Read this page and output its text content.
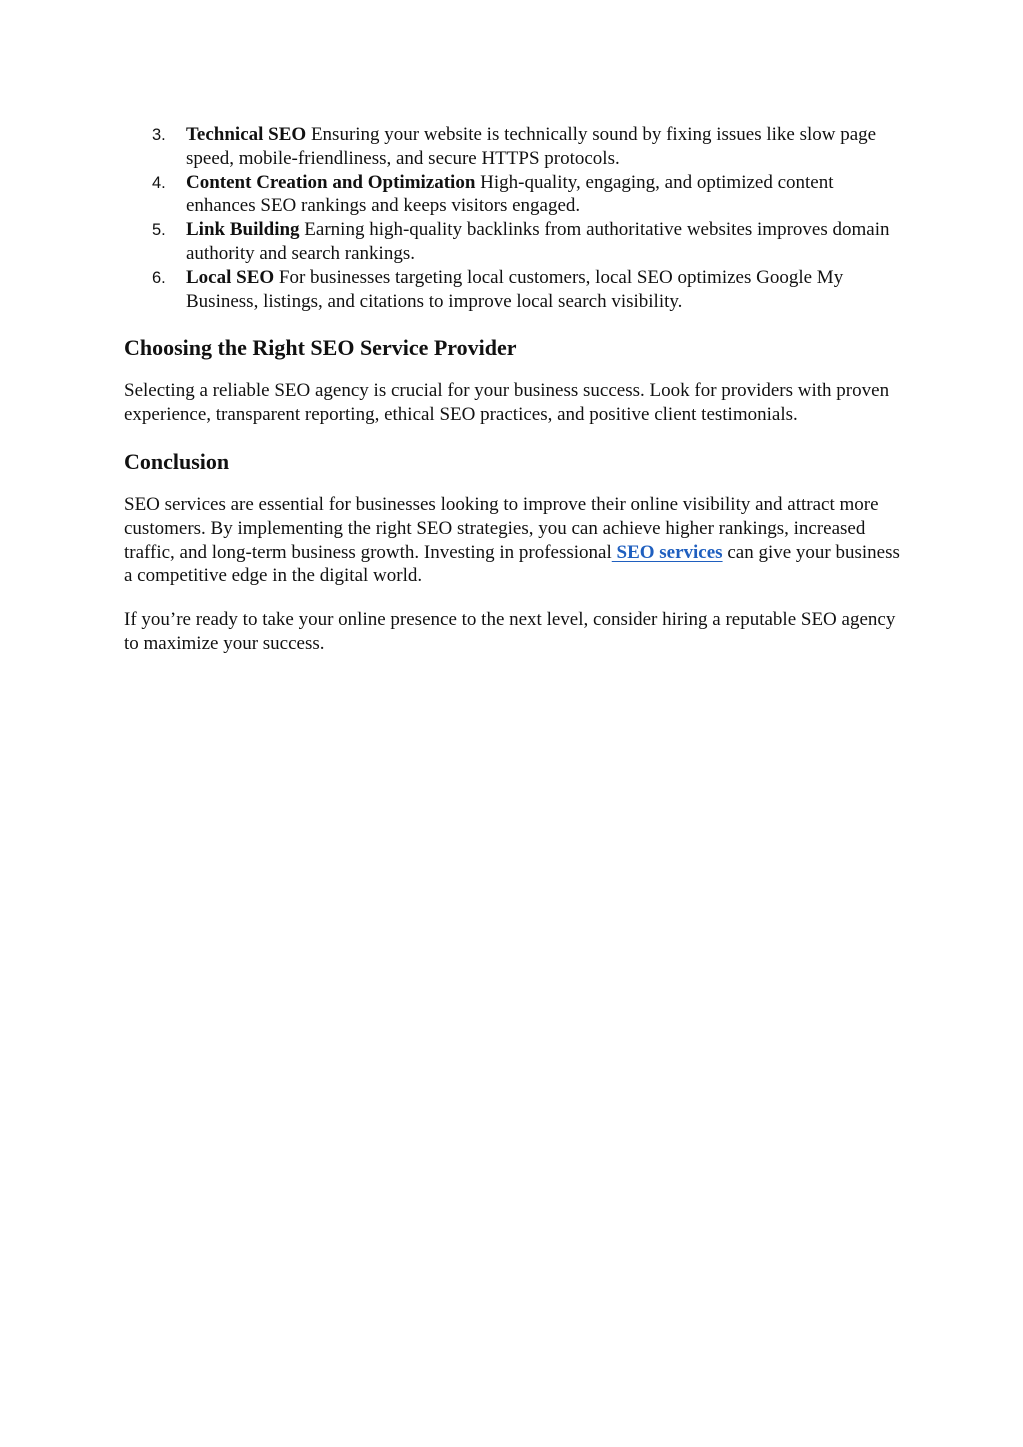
3. Technical SEO Ensuring your website is technically sound by fixing issues like slow page speed, mobile-friendliness, and secure HTTPS protocols.
4. Content Creation and Optimization High-quality, engaging, and optimized content enhances SEO rankings and keeps visitors engaged.
5. Link Building Earning high-quality backlinks from authoritative websites improves domain authority and search rankings.
6. Local SEO For businesses targeting local customers, local SEO optimizes Google My Business, listings, and citations to improve local search visibility.
Choosing the Right SEO Service Provider

Selecting a reliable SEO agency is crucial for your business success. Look for providers with proven experience, transparent reporting, ethical SEO practices, and positive client testimonials.

Conclusion

SEO services are essential for businesses looking to improve their online visibility and attract more customers. By implementing the right SEO strategies, you can achieve higher rankings, increased traffic, and long-term business growth. Investing in professional SEO services can give your business a competitive edge in the digital world.

If you’re ready to take your online presence to the next level, consider hiring a reputable SEO agency to maximize your success.
